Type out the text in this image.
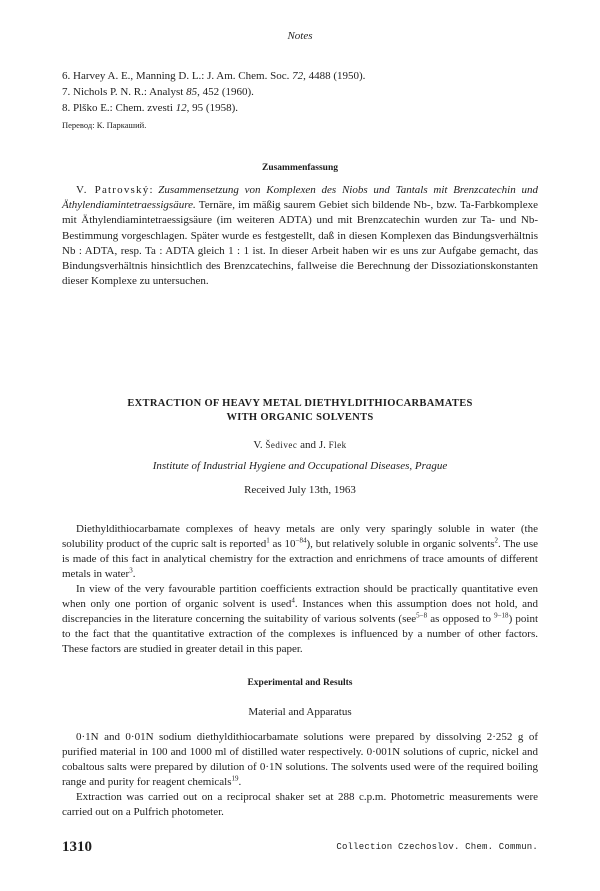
Notes
6. Harvey A. E., Manning D. L.: J. Am. Chem. Soc. 72, 4488 (1950).
7. Nichols P. N. R.: Analyst 85, 452 (1960).
8. Plško E.: Chem. zvesti 12, 95 (1958).
Перевод: К. Паркаший.
Zusammenfassung
V. Patrovský: Zusammensetzung von Komplexen des Niobs und Tantals mit Brenzcatechin und Äthylendiamintetraessigsäure. Ternäre, im mäßig saurem Gebiet sich bildende Nb-, bzw. Ta-Farbkomplexe mit Äthylendiamintetraessigsäure (im weiteren ADTA) und mit Brenzcatechin wurden zur Ta- und Nb-Bestimmung vorgeschlagen. Später wurde es festgestellt, daß in diesen Komplexen das Bindungsverhältnis Nb : ADTA, resp. Ta : ADTA gleich 1 : 1 ist. In dieser Arbeit haben wir es uns zur Aufgabe gemacht, das Bindungsverhältnis hinsichtlich des Brenzcatechins, fallweise die Berechnung der Dissoziationskonstanten dieser Komplexe zu untersuchen.
EXTRACTION OF HEAVY METAL DIETHYLDITHIOCARBAMATES
WITH ORGANIC SOLVENTS
V. Šedivec and J. Flek
Institute of Industrial Hygiene and Occupational Diseases, Prague
Received July 13th, 1963

Diethyldithiocarbamate complexes of heavy metals are only very sparingly soluble in water (the solubility product of the cupric salt is reported$^1$ as $10^{-84}$), but relatively soluble in organic solvents$^2$. The use is made of this fact in analytical chemistry for the extraction and enrichmens of trace amounts of different metals in water$^3$.

In view of the very favourable partition coefficients extraction should be practically quantitative even when only one portion of organic solvent is used$^4$. Instances when this assumption does not hold, and discrepancies in the literature concerning the suitability of various solvents (see$^{5-8}$ as opposed to $^{9-18}$) point to the fact that the quantitative extraction of the complexes is influenced by a number of other factors. These factors are studied in greater detail in this paper.

Experimental and Results
Material and Apparatus

0·1N and 0·01N sodium diethyldithiocarbamate solutions were prepared by dissolving 2·252 g of purified material in 100 and 1000 ml of distilled water respectively. 0·001N solutions of cupric, nickel and cobaltous salts were prepared by dilution of 0·1N solutions. The solvents used were of the required boiling range and purity for reagent chemicals$^{19}$.

Extraction was carried out on a reciprocal shaker set at 288 c.p.m. Photometric measurements were carried out on a Pulfrich photometer.

1310	Collection Czechoslov. Chem. Commun.
